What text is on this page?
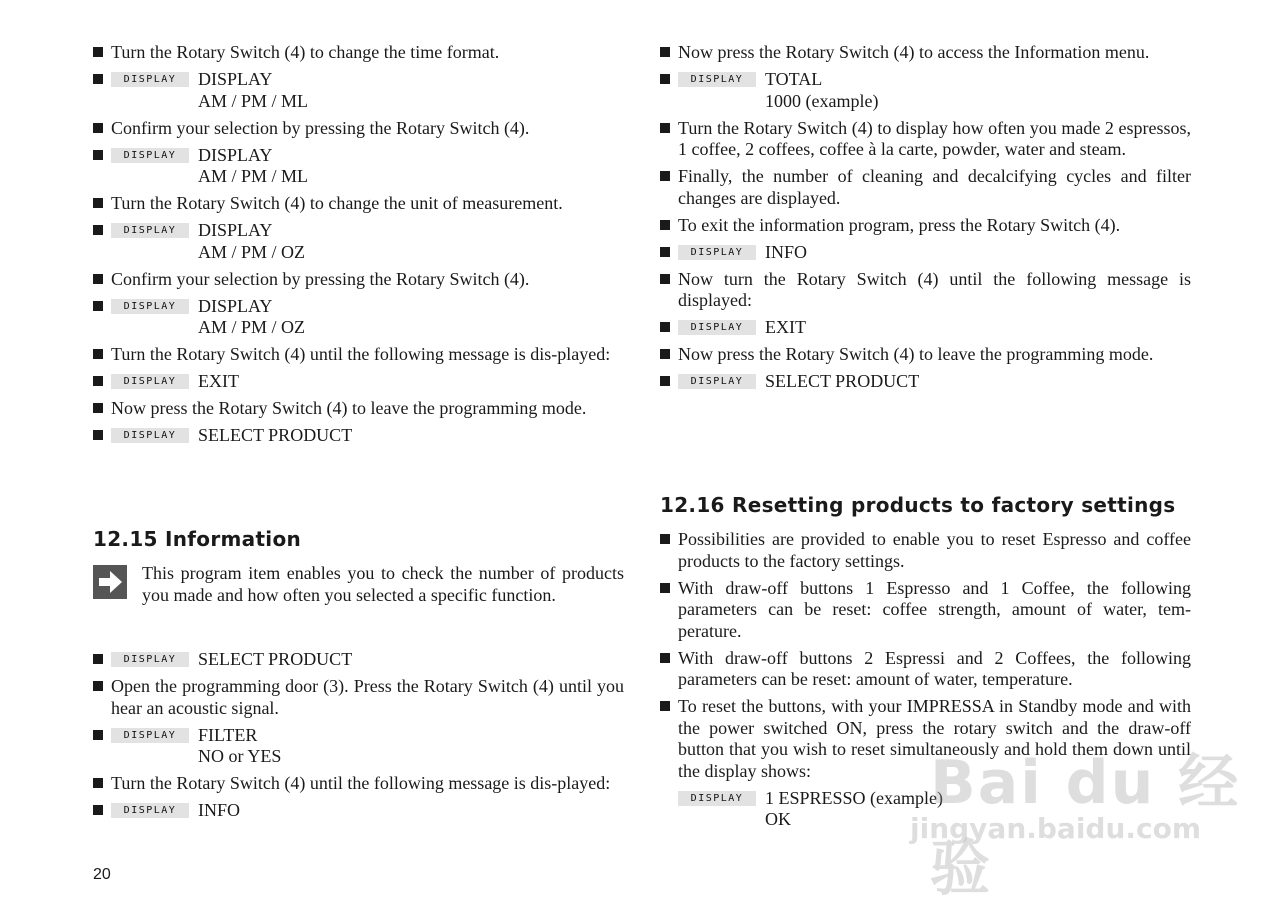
Turn the Rotary Switch (4) to change the time format.
DISPLAY	DISPLAY
AM / PM / ML
Confirm your selection by pressing the Rotary Switch (4).
DISPLAY	DISPLAY
AM / PM / ML
Turn the Rotary Switch (4) to change the unit of measurement.
DISPLAY	DISPLAY
AM / PM / OZ
Confirm your selection by pressing the Rotary Switch (4).
DISPLAY	DISPLAY
AM / PM / OZ
Turn the Rotary Switch (4) until the following message is dis-played:
DISPLAY	EXIT
Now press the Rotary Switch (4) to leave the programming mode.
DISPLAY	SELECT PRODUCT
12.15 Information
This program item enables you to check the number of products you made and how often you selected a specific function.
DISPLAY	SELECT PRODUCT
Open the programming door (3). Press the Rotary Switch (4) until you hear an acoustic signal.
DISPLAY	FILTER
NO or YES
Turn the Rotary Switch (4) until the following message is dis-played:
DISPLAY	INFO
Now press the Rotary Switch (4) to access the Information menu.
DISPLAY	TOTAL
1000 (example)
Turn the Rotary Switch (4) to display how often you made 2 espressos, 1 coffee, 2 coffees, coffee à la carte, powder, water and steam.
Finally, the number of cleaning and decalcifying cycles and filter changes are displayed.
To exit the information program, press the Rotary Switch (4).
DISPLAY	INFO
Now turn the Rotary Switch (4) until the following message is displayed:
DISPLAY	EXIT
Now press the Rotary Switch (4) to leave the programming mode.
DISPLAY	SELECT PRODUCT
12.16 Resetting products to factory settings
Possibilities are provided to enable you to reset Espresso and coffee products to the factory settings.
With draw-off buttons 1 Espresso and 1 Coffee, the following parameters can be reset: coffee strength, amount of water, tem-perature.
With draw-off buttons 2 Espressi and 2 Coffees, the following parameters can be reset: amount of water, temperature.
To reset the buttons, with your IMPRESSA in Standby mode and with the power switched ON, press the rotary switch and the draw-off button that you wish to reset simultaneously and hold them down until the display shows:
DISPLAY	1 ESPRESSO (example)
OK
20
Bai du 经验
jingyan.baidu.com
